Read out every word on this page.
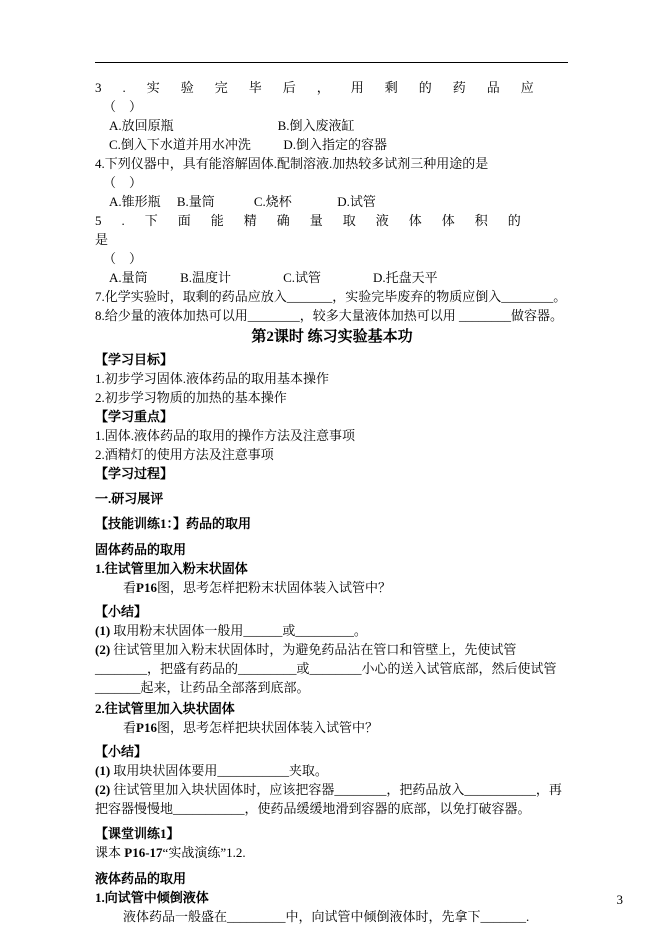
3.实验完毕后，用剩的药品应
（    ）
A.放回原瓶	B.倒入废液缸
C.倒入下水道并用水冲洗	D.倒入指定的容器
4.下列仪器中，具有能溶解固体.配制溶液.加热较多试剂三种用途的是
（    ）
A.锥形瓶 B.量筒	C.烧杯	D.试管
5.下面能精确量取液体体积的是
（    ）
A.量筒	B.温度计	C.试管	D.托盘天平
7.化学实验时，取剩的药品应放入_______，实验完毕废弃的物质应倒入________。
8.给少量的液体加热可以用________，较多大量液体加热可以用 ________做容器。
第2课时 练习实验基本功
【学习目标】
1.初步学习固体.液体药品的取用基本操作
2.初步学习物质的加热的基本操作
【学习重点】
1.固体.液体药品的取用的操作方法及注意事项
2.酒精灯的使用方法及注意事项
【学习过程】
一.研习展评
【技能训练1：】药品的取用
固体药品的取用
1.往试管里加入粉末状固体
看P16图，思考怎样把粉末状固体装入试管中？
【小结】
(1) 取用粉末状固体一般用______或_________。
(2) 往试管里加入粉末状固体时，为避免药品沾在管口和管壁上，先使试管________，把盛有药品的_________或________小心的送入试管底部，然后使试管_______起来，让药品全部落到底部。
2.往试管里加入块状固体
看P16图，思考怎样把块状固体装入试管中？
【小结】
(1) 取用块状固体要用___________夹取。
(2) 往试管里加入块状固体时，应该把容器________，把药品放入___________，再把容器慢慢地___________，使药品缓缓地滑到容器的底部，以免打破容器。
【课堂训练1】
课本 P16-17“实战演练”1.2.
液体药品的取用
1.向试管中倾倒液体
液体药品一般盛在_________中，向试管中倾倒液体时，先拿下_______.
3
